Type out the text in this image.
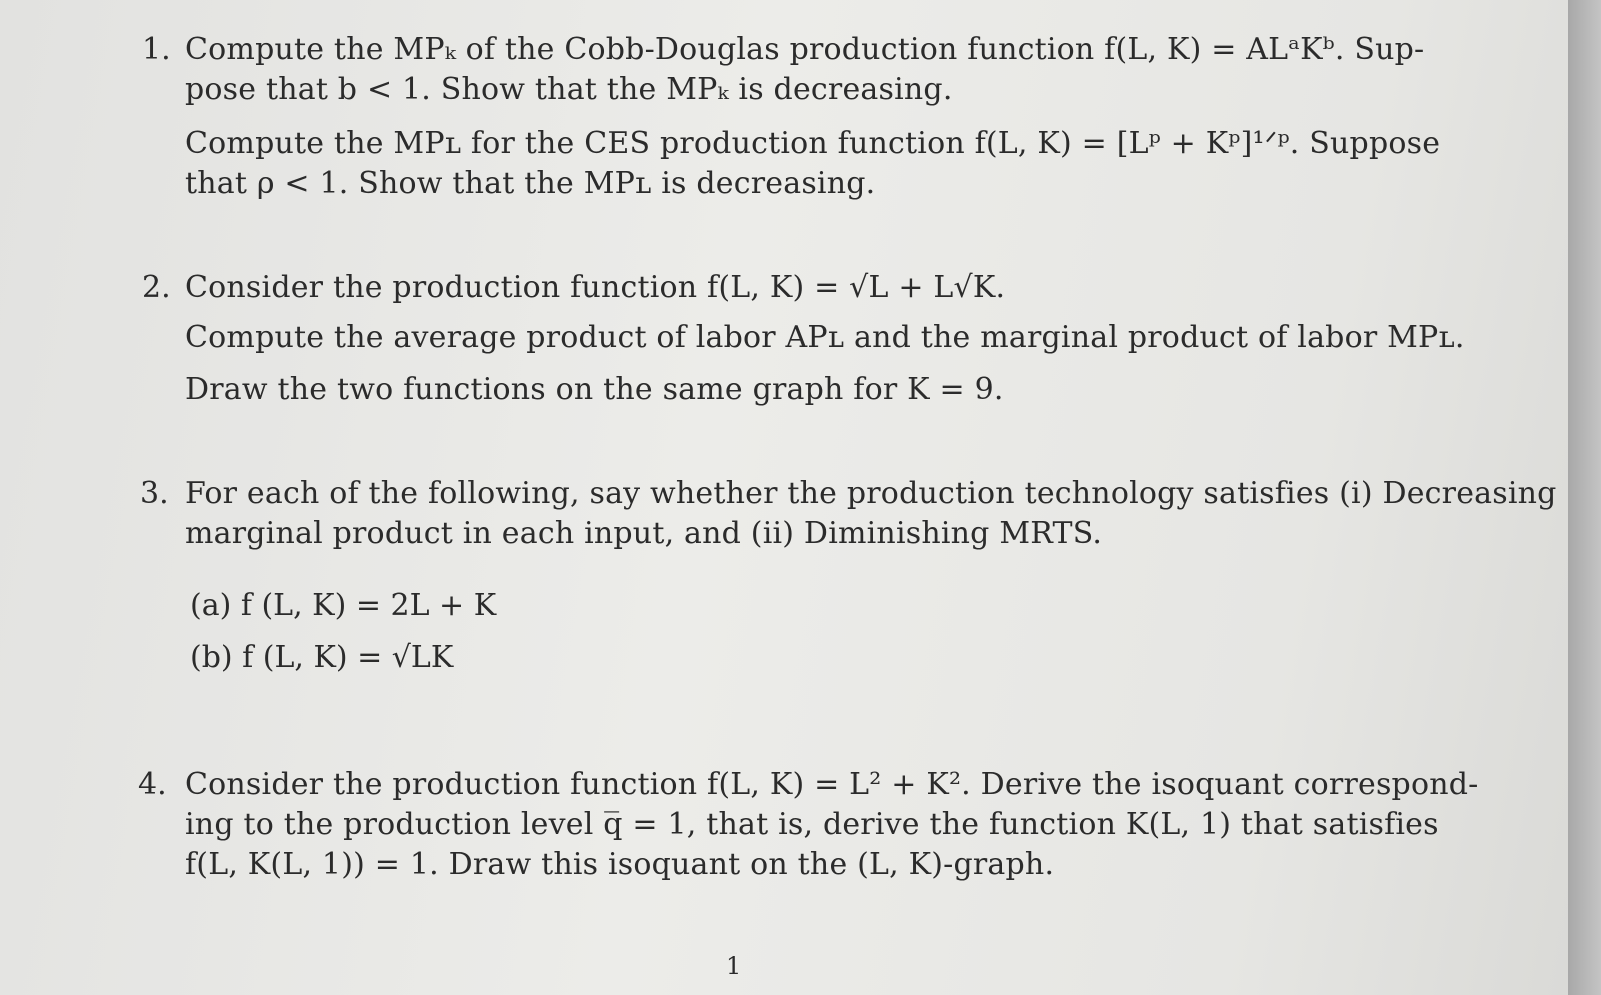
1. Compute the MPₖ of the Cobb-Douglas production function f(L, K) = ALᵃKᵇ. Sup-

pose that b < 1. Show that the MPₖ is decreasing.

Compute the MPʟ for the CES production function f(L, K) = [Lᵖ + Kᵖ]¹ᐟᵖ. Suppose

that ρ < 1. Show that the MPʟ is decreasing.

2. Consider the production function f(L, K) = √L + L√K.

Compute the average product of labor APʟ and the marginal product of labor MPʟ.

Draw the two functions on the same graph for K = 9.

3. For each of the following, say whether the production technology satisfies (i) Decreasing

marginal product in each input, and (ii) Diminishing MRTS.

(a) f (L, K) = 2L + K

(b) f (L, K) = √LK

4. Consider the production function f(L, K) = L² + K². Derive the isoquant correspond-

ing to the production level q̅ = 1, that is, derive the function K(L, 1) that satisfies

f(L, K(L, 1)) = 1. Draw this isoquant on the (L, K)-graph.

1
